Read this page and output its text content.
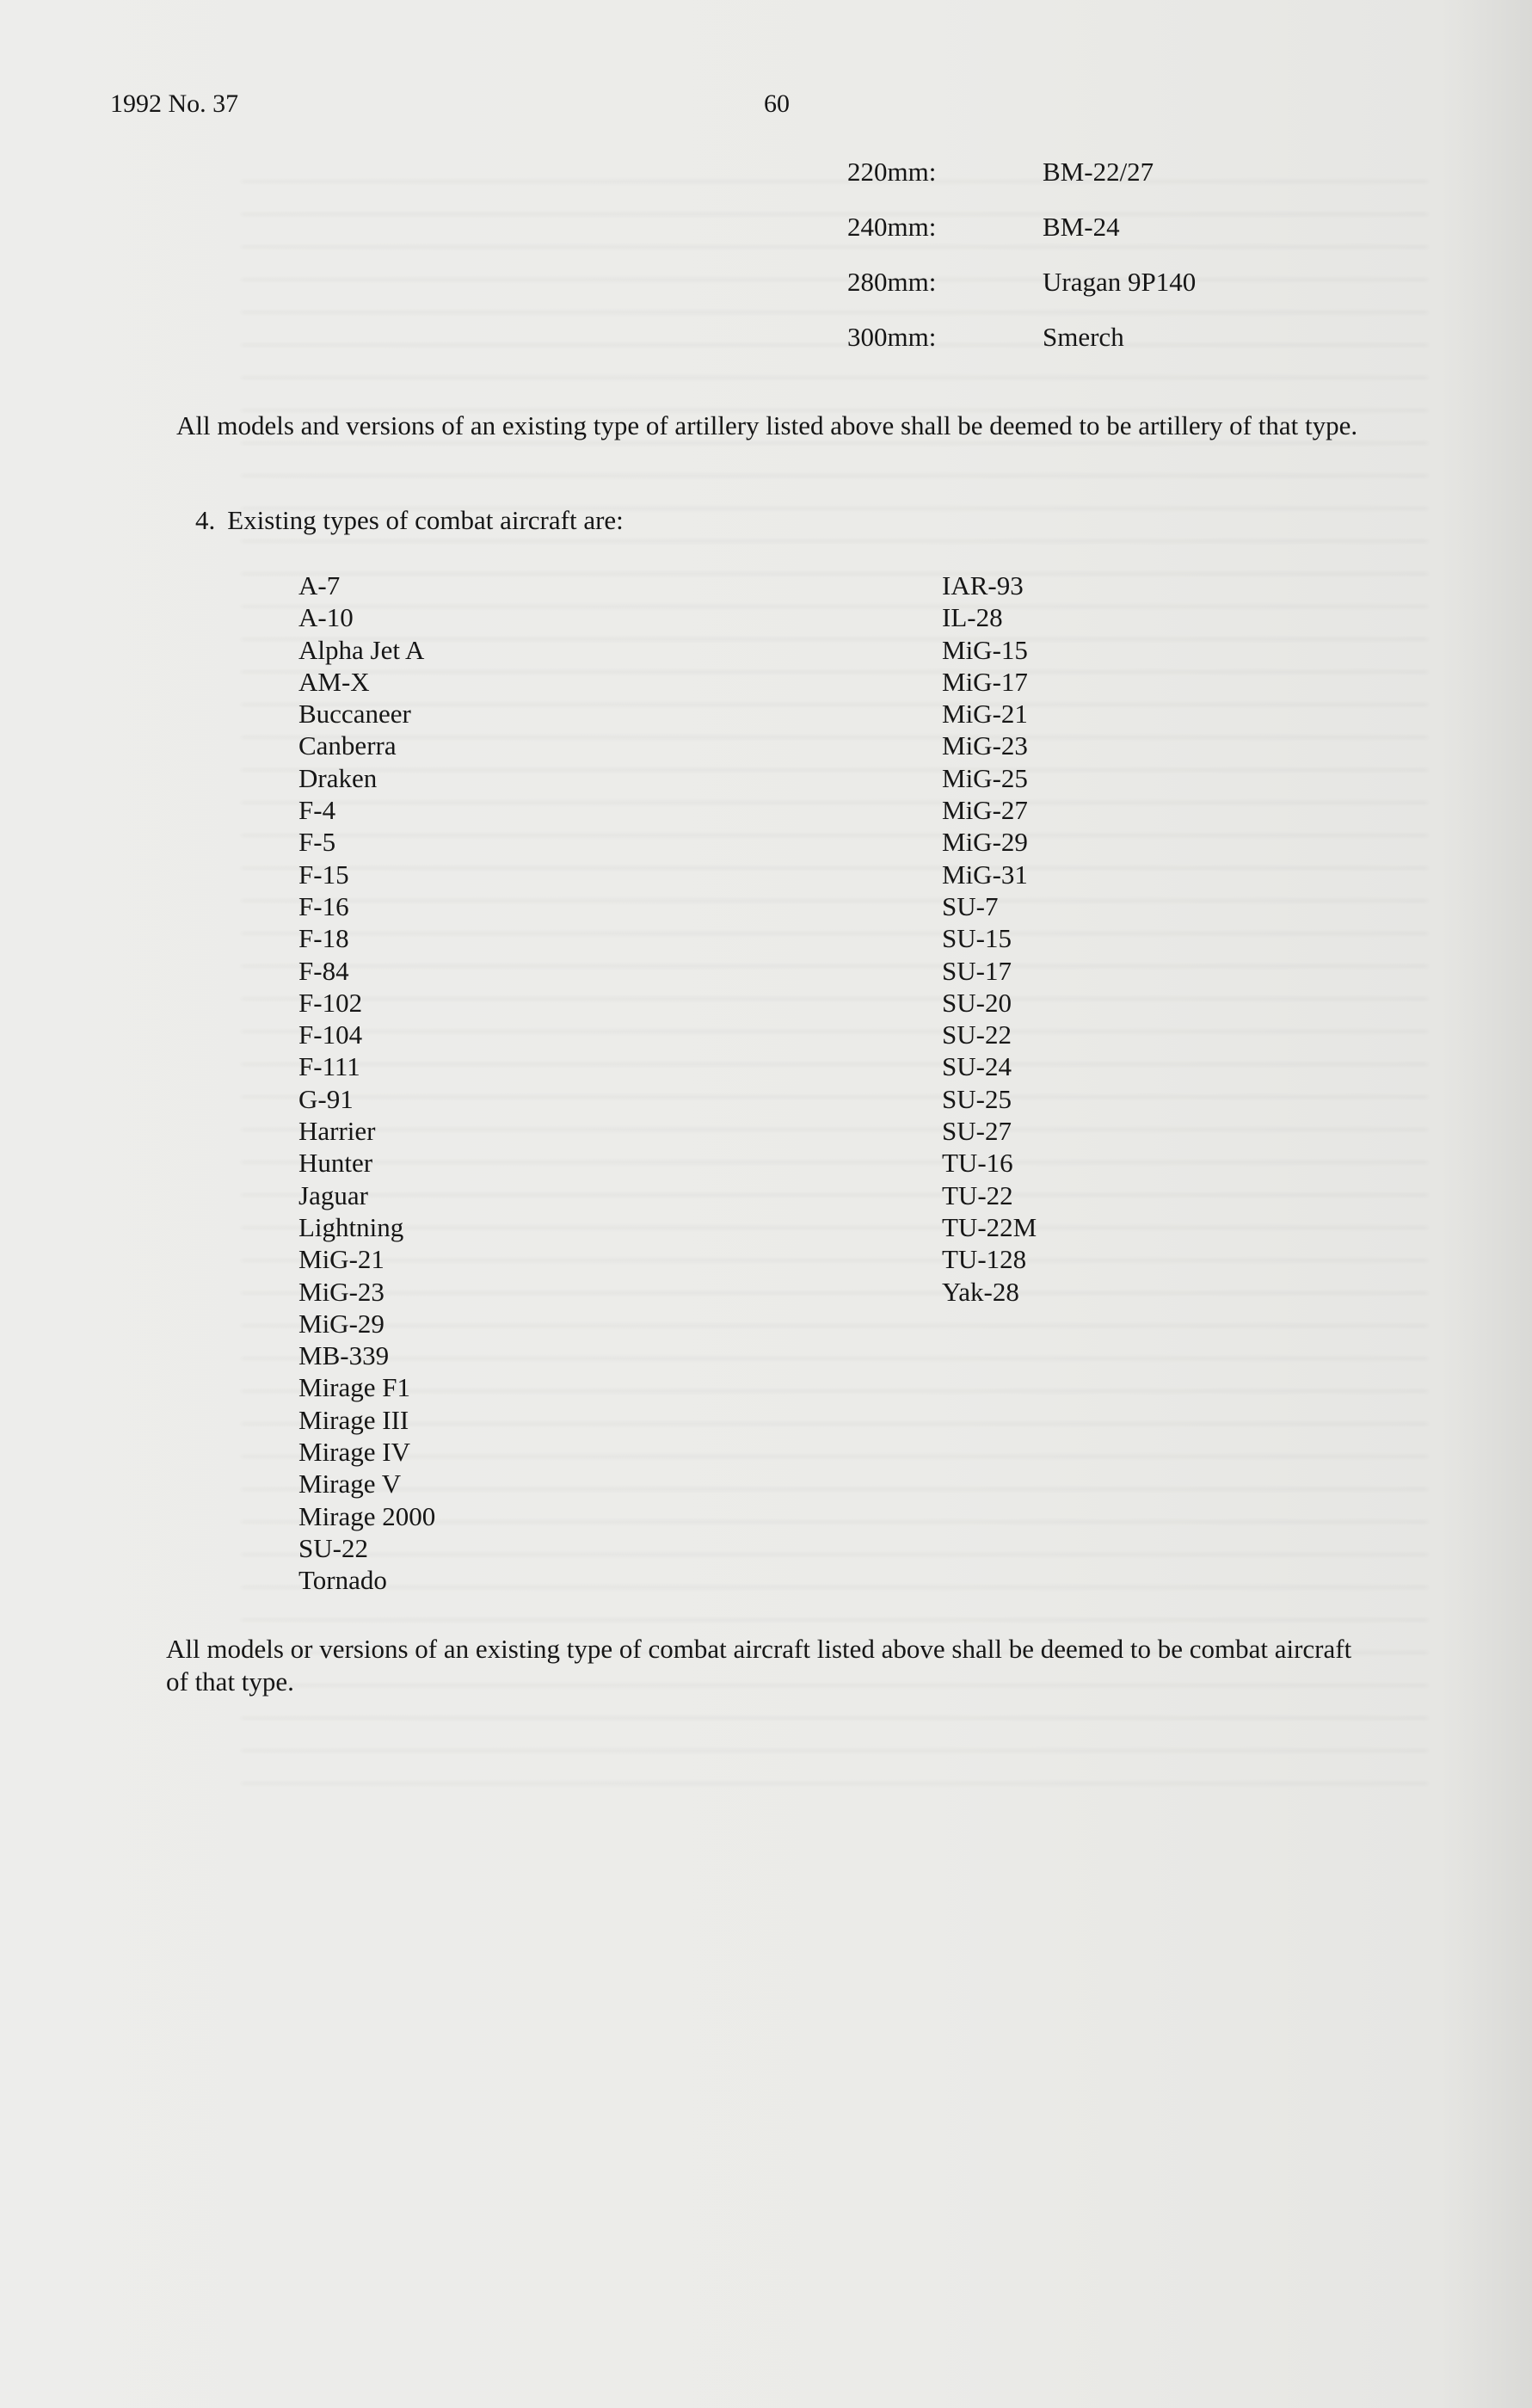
1992 No. 37	60
220mm:	BM-22/27
240mm:	BM-24
280mm:	Uragan 9P140
300mm:	Smerch
All models and versions of an existing type of artillery listed above shall be deemed to be artillery of that type.
4. Existing types of combat aircraft are:
A-7
A-10
Alpha Jet A
AM-X
Buccaneer
Canberra
Draken
F-4
F-5
F-15
F-16
F-18
F-84
F-102
F-104
F-111
G-91
Harrier
Hunter
Jaguar
Lightning
MiG-21
MiG-23
MiG-29
MB-339
Mirage F1
Mirage III
Mirage IV
Mirage V
Mirage 2000
SU-22
Tornado
IAR-93
IL-28
MiG-15
MiG-17
MiG-21
MiG-23
MiG-25
MiG-27
MiG-29
MiG-31
SU-7
SU-15
SU-17
SU-20
SU-22
SU-24
SU-25
SU-27
TU-16
TU-22
TU-22M
TU-128
Yak-28
All models or versions of an existing type of combat aircraft listed above shall be deemed to be combat aircraft of that type.
